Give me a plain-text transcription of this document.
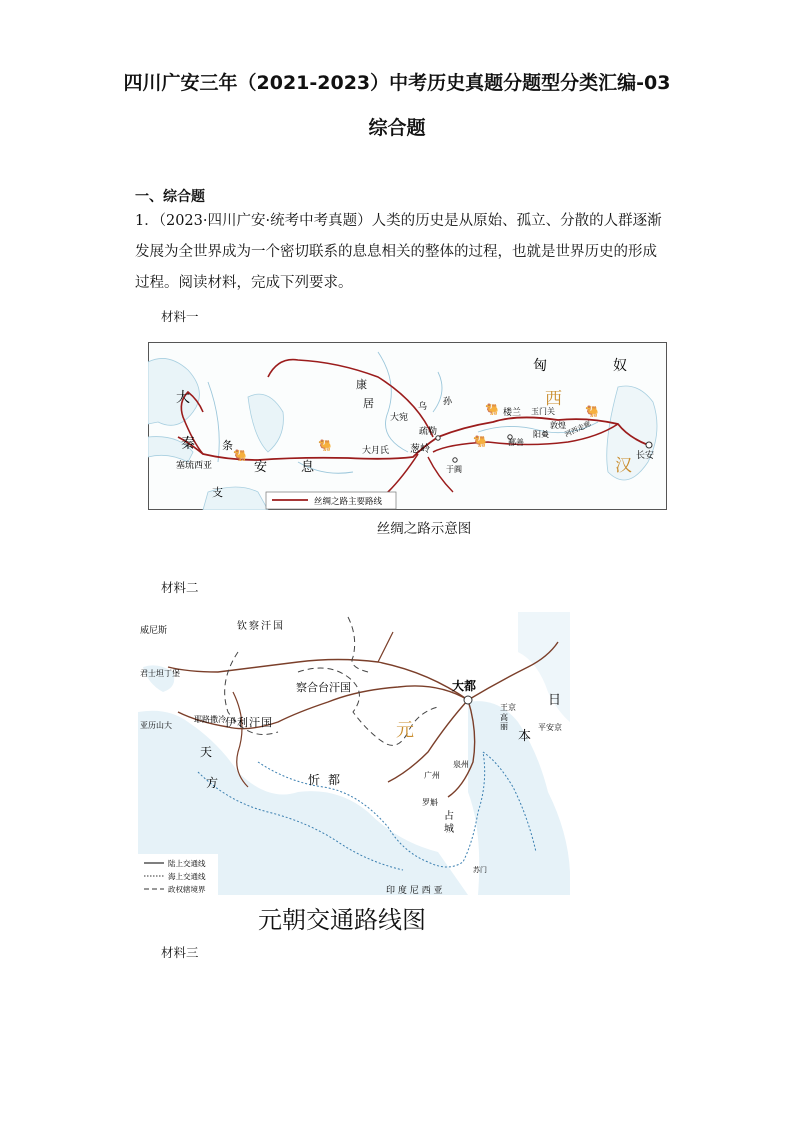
四川广安三年（2021-2023）中考历史真题分题型分类汇编-03
综合题
一、综合题
1．（2023·四川广安·统考中考真题）人类的历史是从原始、孤立、分散的人群逐渐发展为全世界成为一个密切联系的息息相关的整体的过程，也就是世界历史的形成过程。阅读材料，完成下列要求。
材料一
🐫
🐫
🐫
🐫
🐫
匈	奴
西
汉
大
秦 条
支
塞琉西亚	安	息
康
居
大宛
乌 孙
大月氏
疏勒
葱岭
楼兰 玉门关
敦煌
阳关 河西走廊
长安
鄯善
于阗
丝绸之路主要路线
丝绸之路示意图
材料二
威尼斯	钦察汗国
君士坦丁堡
察合台汗国	大都
日
本
王京
高
丽	平安京
亚历山大
耶路撒冷 伊利汗国	元
天
方	忻 都	广州
泉州
罗斛
占
城
苏门
印 度 尼 西 亚
陆上交通线
海上交通线
政权辖境界
元朝交通路线图
材料三
